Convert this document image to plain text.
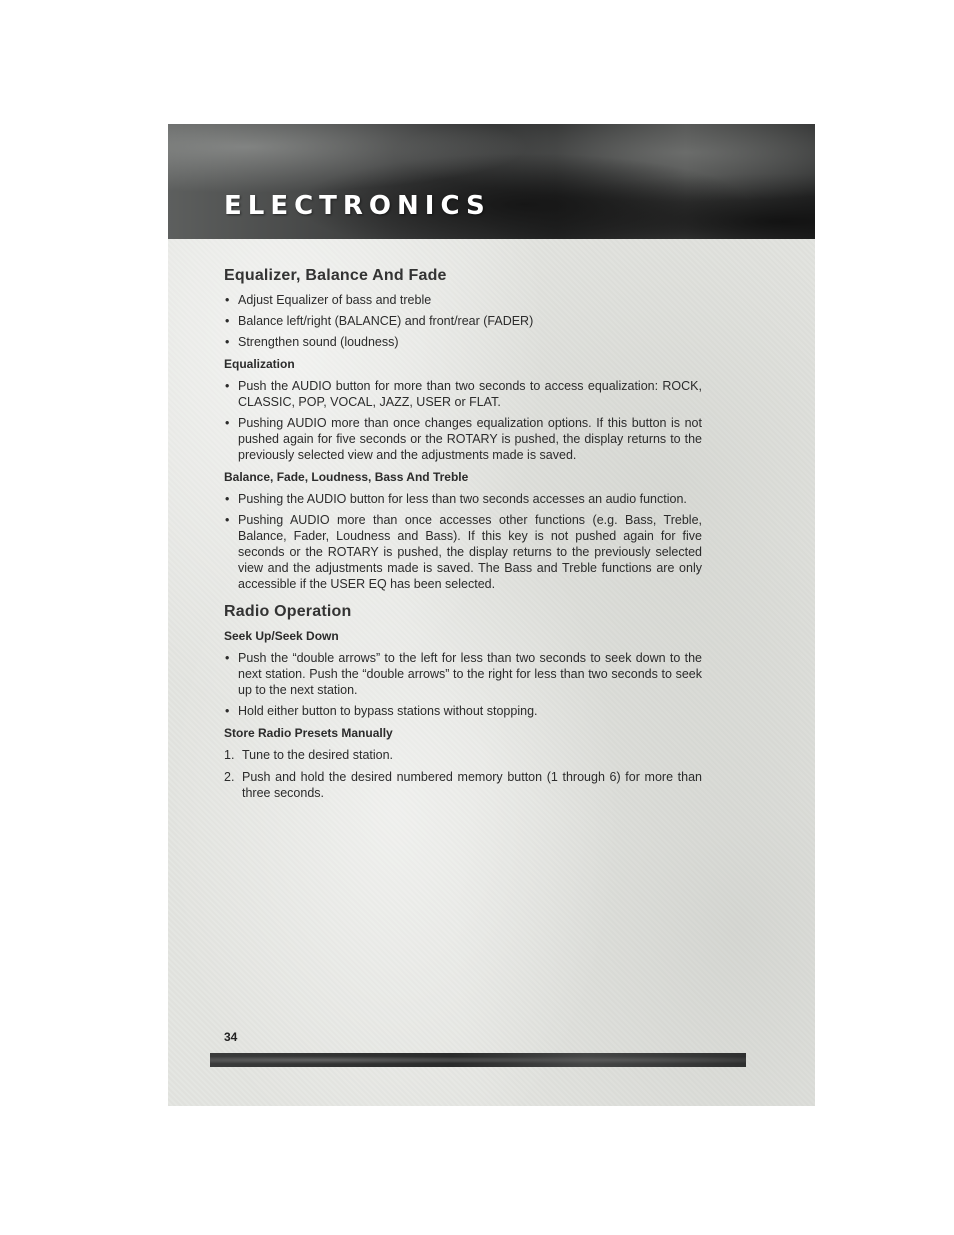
ELECTRONICS
Equalizer, Balance And Fade
• Adjust Equalizer of bass and treble
• Balance left/right (BALANCE) and front/rear (FADER)
• Strengthen sound (loudness)
Equalization
• Push the AUDIO button for more than two seconds to access equalization: ROCK, CLASSIC, POP, VOCAL, JAZZ, USER or FLAT.
• Pushing AUDIO more than once changes equalization options. If this button is not pushed again for five seconds or the ROTARY is pushed, the display returns to the previously selected view and the adjustments made is saved.
Balance, Fade, Loudness, Bass And Treble
• Pushing the AUDIO button for less than two seconds accesses an audio function.
• Pushing AUDIO more than once accesses other functions (e.g. Bass, Treble, Balance, Fader, Loudness and Bass). If this key is not pushed again for five seconds or the ROTARY is pushed, the display returns to the previously selected view and the adjustments made is saved. The Bass and Treble functions are only accessible if the USER EQ has been selected.
Radio Operation
Seek Up/Seek Down
• Push the “double arrows” to the left for less than two seconds to seek down to the next station. Push the “double arrows” to the right for less than two seconds to seek up to the next station.
• Hold either button to bypass stations without stopping.
Store Radio Presets Manually
1. Tune to the desired station.
2. Push and hold the desired numbered memory button (1 through 6) for more than three seconds.
34
